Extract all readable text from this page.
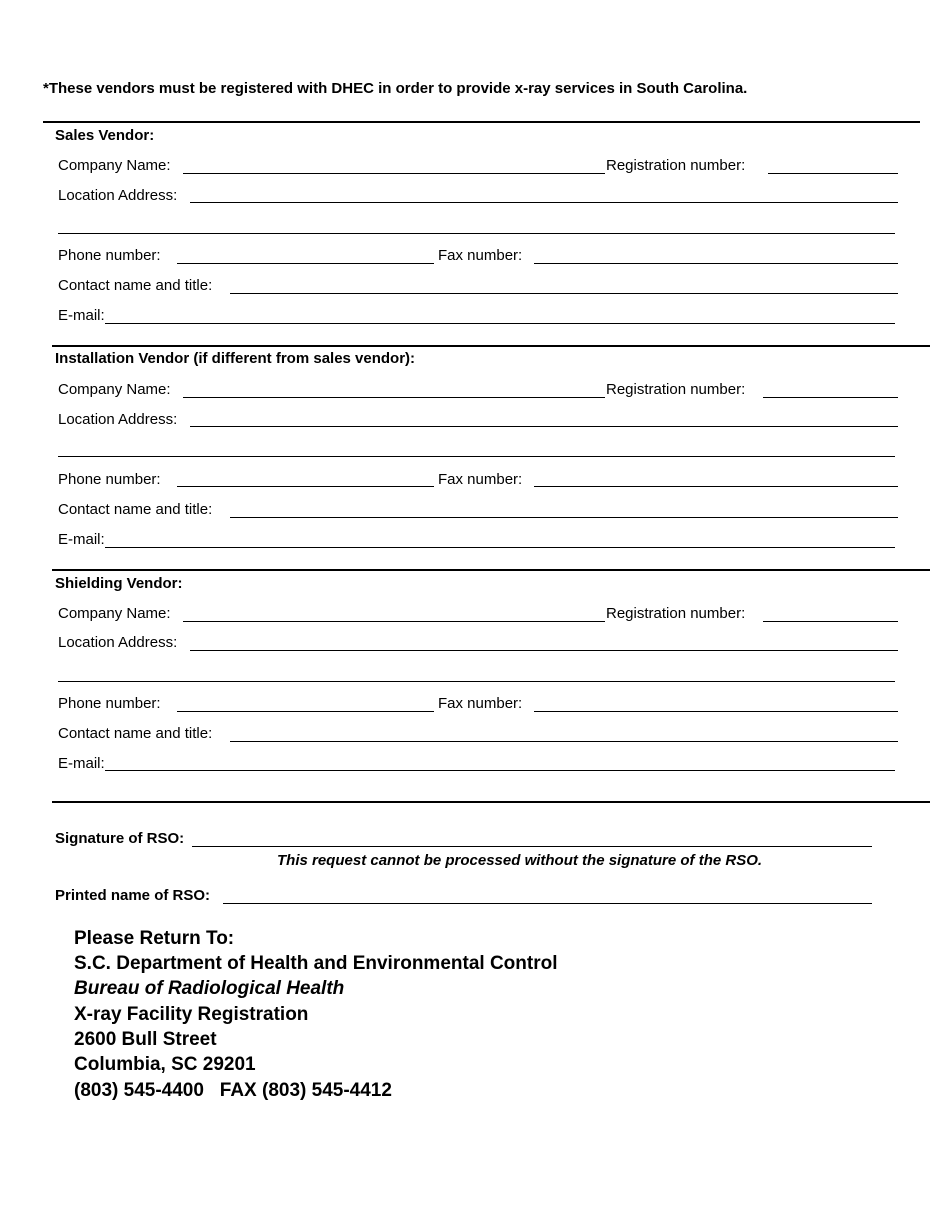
*These vendors must be registered with DHEC in order to provide x-ray services in South Carolina.
Sales Vendor:
Company Name:	Registration number:
Location Address:
Phone number:	Fax number:
Contact name and title:
E-mail:
Installation Vendor (if different from sales vendor):
Company Name:	Registration number:
Location Address:
Phone number:	Fax number:
Contact name and title:
E-mail:
Shielding Vendor:
Company Name:	Registration number:
Location Address:
Phone number:	Fax number:
Contact name and title:
E-mail:
Signature of RSO:
This request cannot be processed without the signature of the RSO.
Printed name of RSO:
Please Return To:
S.C. Department of Health and Environmental Control
Bureau of Radiological Health
X-ray Facility Registration
2600 Bull Street
Columbia, SC 29201
(803) 545-4400   FAX (803) 545-4412
